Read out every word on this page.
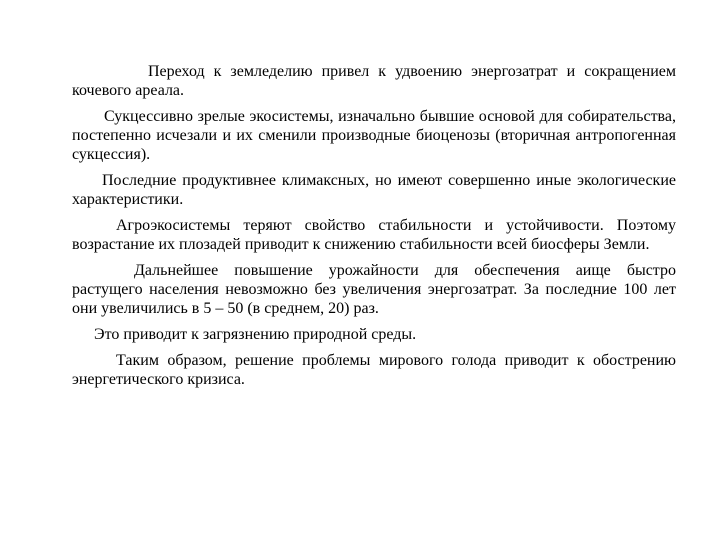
Переход к земледелию привел к удвоению энергозатрат и сокращением кочевого ареала.

Сукцессивно зрелые экосистемы, изначально бывшие основой для собирательства, постепенно исчезали и их сменили производные биоценозы (вторичная антропогенная сукцессия).

Последние продуктивнее климаксных, но имеют совершенно иные экологические характеристики.

Агроэкосистемы теряют свойство стабильности и устойчивости. Поэтому возрастание их плозадей приводит к снижению стабильности всей биосферы Земли.

Дальнейшее повышение урожайности для обеспечения аище быстро растущего населения невозможно без увеличения энергозатрат. За последние 100 лет они увеличились в 5 – 50 (в среднем, 20) раз.

Это приводит к загрязнению природной среды.

Таким образом, решение проблемы мирового голода приводит к обострению энергетического кризиса.
